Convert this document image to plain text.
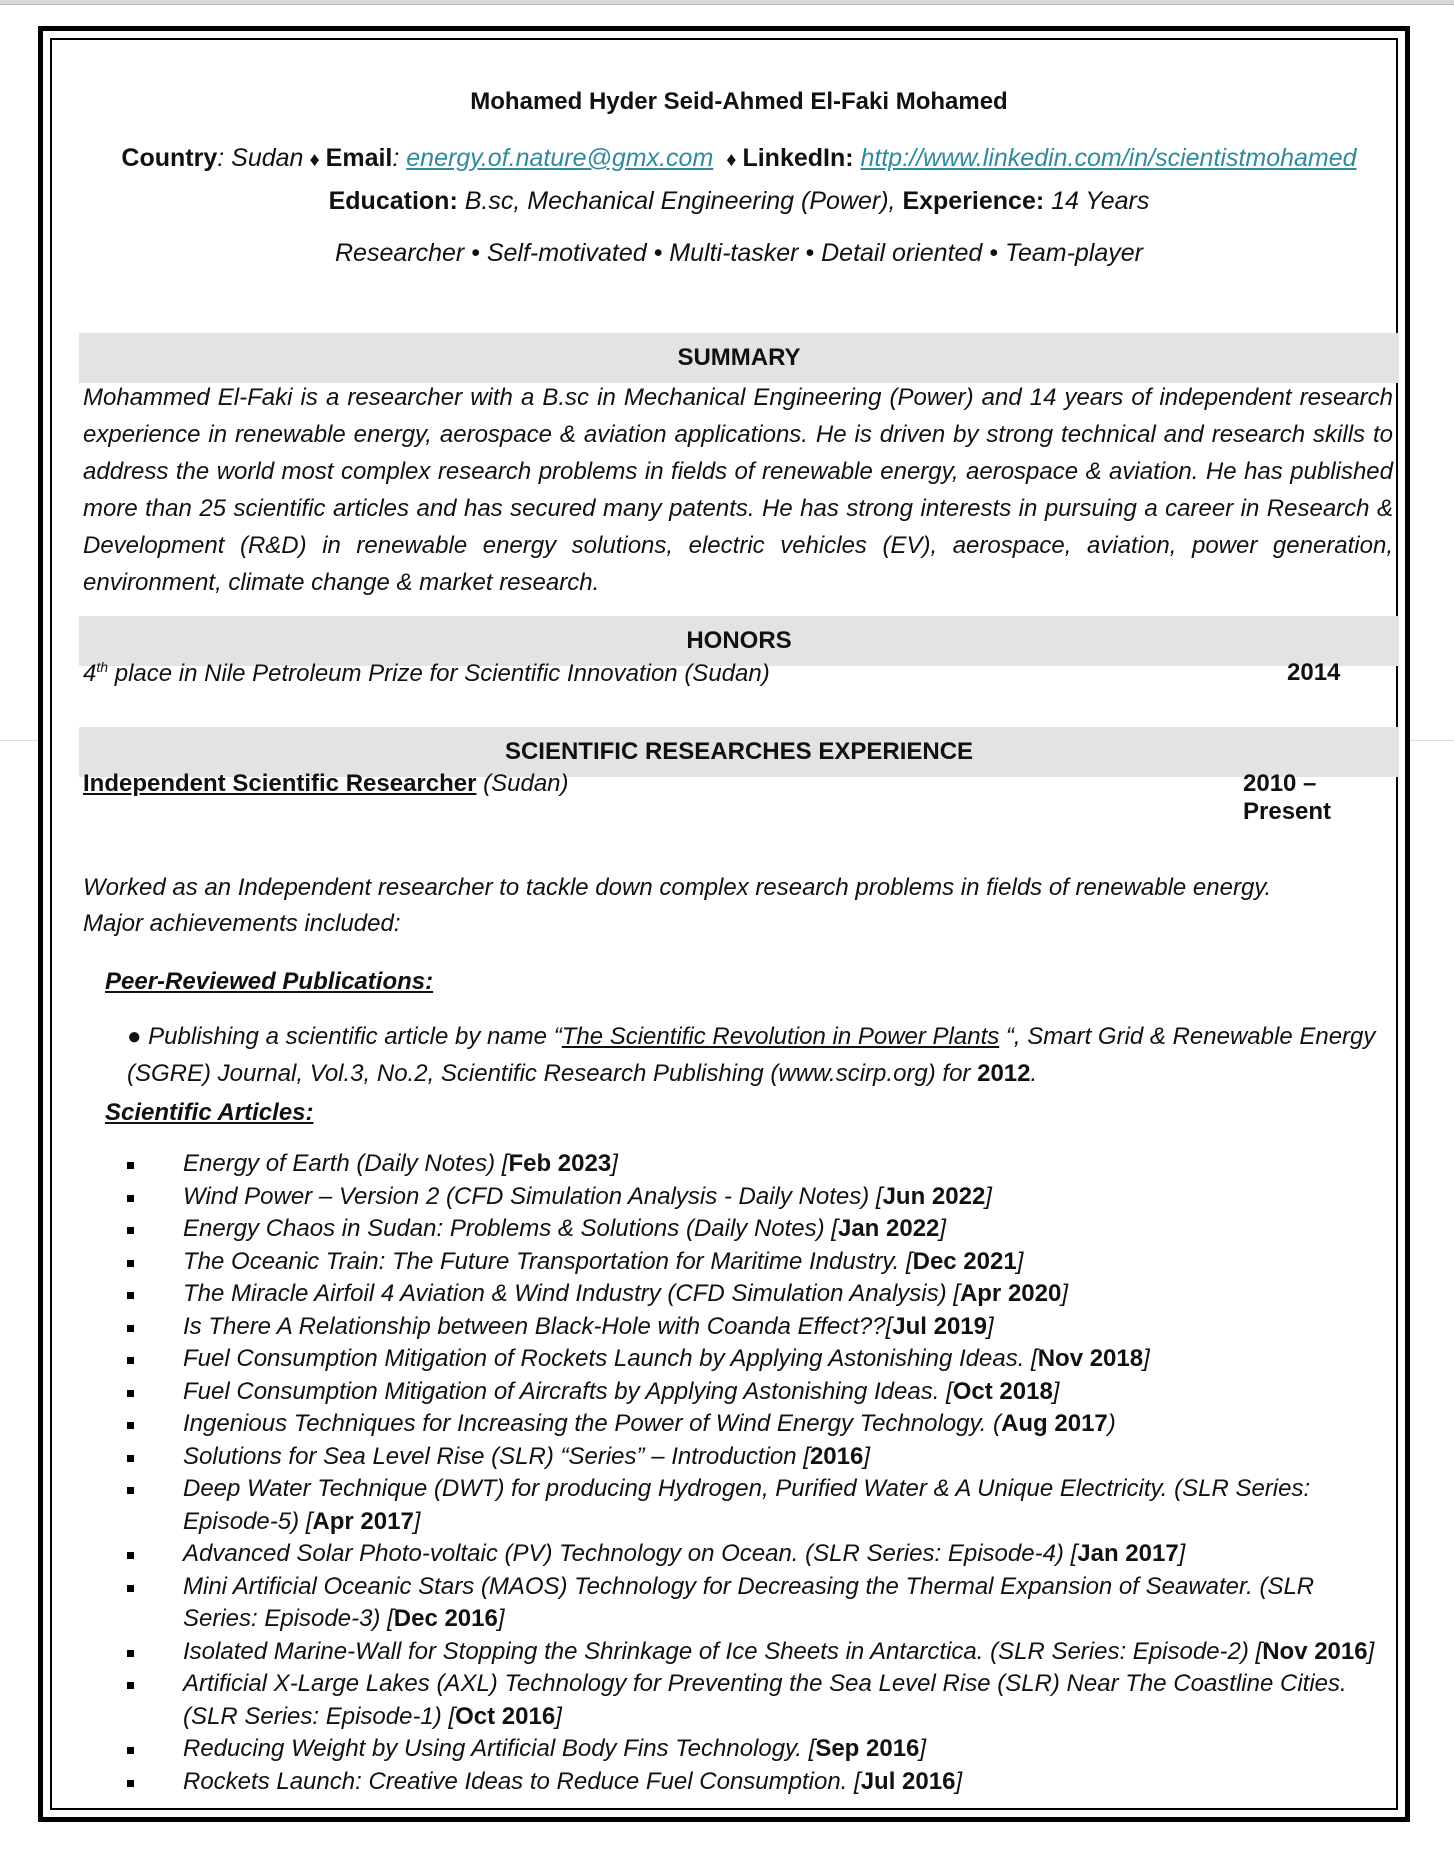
Mohamed Hyder Seid-Ahmed El-Faki Mohamed
Country: Sudan ♦ Email: energy.of.nature@gmx.com ♦ LinkedIn: http://www.linkedin.com/in/scientistmohamed
Education: B.sc, Mechanical Engineering (Power), Experience: 14 Years
Researcher • Self-motivated • Multi-tasker • Detail oriented • Team-player
SUMMARY
Mohammed El-Faki is a researcher with a B.sc in Mechanical Engineering (Power) and 14 years of independent research experience in renewable energy, aerospace & aviation applications. He is driven by strong technical and research skills to address the world most complex research problems in fields of renewable energy, aerospace & aviation. He has published more than 25 scientific articles and has secured many patents. He has strong interests in pursuing a career in Research & Development (R&D) in renewable energy solutions, electric vehicles (EV), aerospace, aviation, power generation, environment, climate change & market research.
HONORS
4th place in Nile Petroleum Prize for Scientific Innovation (Sudan)	2014
SCIENTIFIC RESEARCHES EXPERIENCE
Independent Scientific Researcher (Sudan)	2010 – Present
Worked as an Independent researcher to tackle down complex research problems in fields of renewable energy.
Major achievements included:
Peer-Reviewed Publications:
● Publishing a scientific article by name “The Scientific Revolution in Power Plants “, Smart Grid & Renewable Energy (SGRE) Journal, Vol.3, No.2, Scientific Research Publishing (www.scirp.org) for 2012.
Scientific Articles:
Energy of Earth (Daily Notes) [Feb 2023]
Wind Power – Version 2 (CFD Simulation Analysis - Daily Notes) [Jun 2022]
Energy Chaos in Sudan: Problems & Solutions (Daily Notes) [Jan 2022]
The Oceanic Train: The Future Transportation for Maritime Industry. [Dec 2021]
The Miracle Airfoil 4 Aviation & Wind Industry (CFD Simulation Analysis) [Apr 2020]
Is There A Relationship between Black-Hole with Coanda Effect??[Jul 2019]
Fuel Consumption Mitigation of Rockets Launch by Applying Astonishing Ideas. [Nov 2018]
Fuel Consumption Mitigation of Aircrafts by Applying Astonishing Ideas. [Oct 2018]
Ingenious Techniques for Increasing the Power of Wind Energy Technology. (Aug 2017)
Solutions for Sea Level Rise (SLR) “Series” – Introduction [2016]
Deep Water Technique (DWT) for producing Hydrogen, Purified Water & A Unique Electricity. (SLR Series: Episode-5) [Apr 2017]
Advanced Solar Photo-voltaic (PV) Technology on Ocean. (SLR Series: Episode-4) [Jan 2017]
Mini Artificial Oceanic Stars (MAOS) Technology for Decreasing the Thermal Expansion of Seawater. (SLR Series: Episode-3) [Dec 2016]
Isolated Marine-Wall for Stopping the Shrinkage of Ice Sheets in Antarctica. (SLR Series: Episode-2) [Nov 2016]
Artificial X-Large Lakes (AXL) Technology for Preventing the Sea Level Rise (SLR) Near The Coastline Cities. (SLR Series: Episode-1) [Oct 2016]
Reducing Weight by Using Artificial Body Fins Technology. [Sep 2016]
Rockets Launch: Creative Ideas to Reduce Fuel Consumption. [Jul 2016]
